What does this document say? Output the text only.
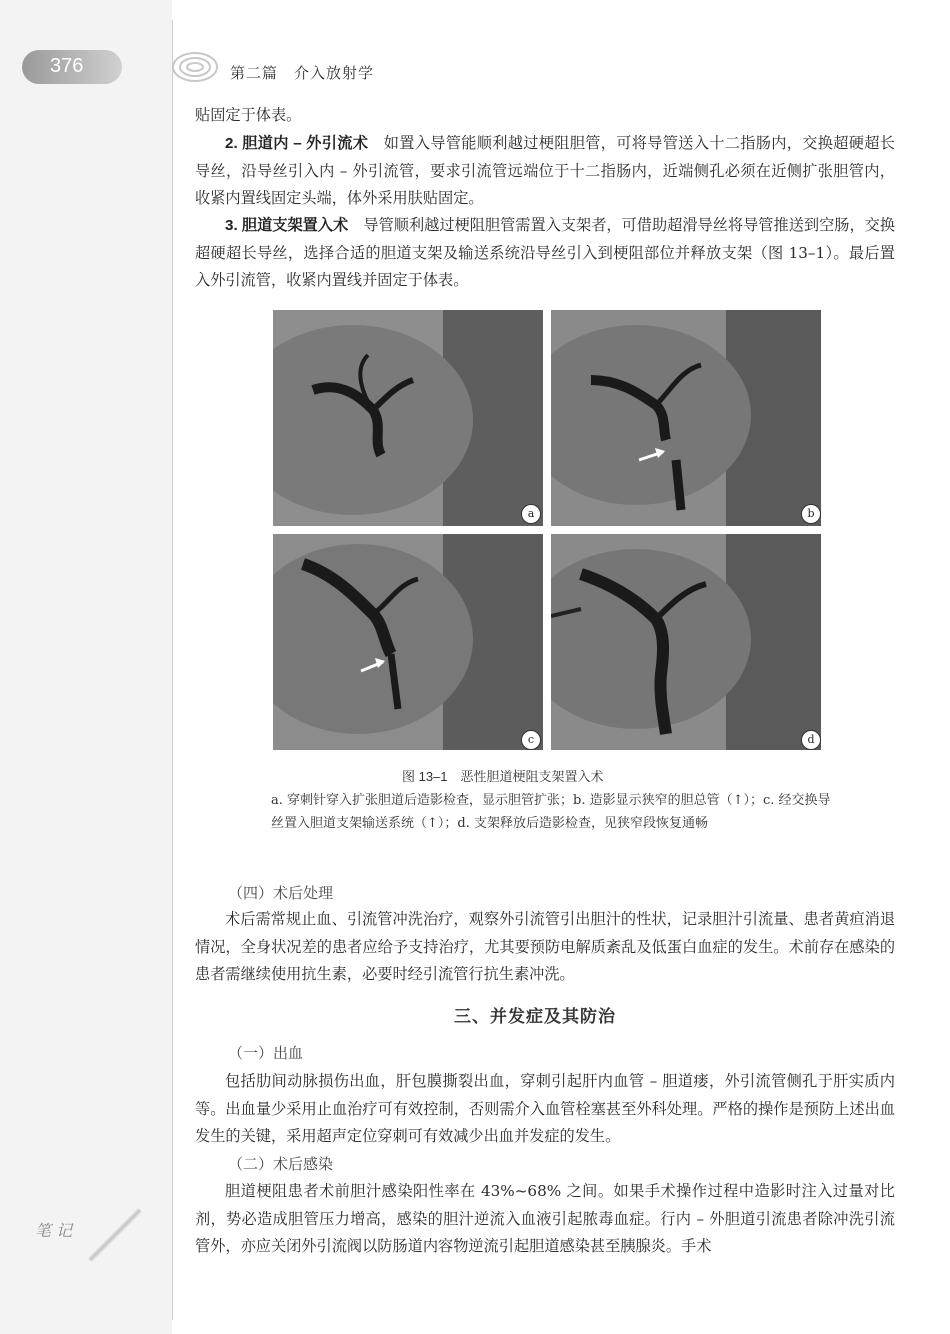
376	第二篇　介入放射学
贴固定于体表。
2. 胆道内 – 外引流术　如置入导管能顺利越过梗阻胆管，可将导管送入十二指肠内，交换超硬超长导丝，沿导丝引入内 – 外引流管，要求引流管远端位于十二指肠内，近端侧孔必须在近侧扩张胆管内，收紧内置线固定头端，体外采用肤贴固定。
3. 胆道支架置入术　导管顺利越过梗阻胆管需置入支架者，可借助超滑导丝将导管推送到空肠，交换超硬超长导丝，选择合适的胆道支架及输送系统沿导丝引入到梗阻部位并释放支架（图 13–1）。最后置入外引流管，收紧内置线并固定于体表。
a	b
c	d
图 13–1　恶性胆道梗阻支架置入术
a. 穿刺针穿入扩张胆道后造影检查，显示胆管扩张；b. 造影显示狭窄的胆总管（↑）；c. 经交换导丝置入胆道支架输送系统（↑）；d. 支架释放后造影检查，见狭窄段恢复通畅
（四）术后处理
术后需常规止血、引流管冲洗治疗，观察外引流管引出胆汁的性状，记录胆汁引流量、患者黄疸消退情况，全身状况差的患者应给予支持治疗，尤其要预防电解质紊乱及低蛋白血症的发生。术前存在感染的患者需继续使用抗生素，必要时经引流管行抗生素冲洗。
三、并发症及其防治
（一）出血
包括肋间动脉损伤出血，肝包膜撕裂出血，穿刺引起肝内血管 – 胆道瘘，外引流管侧孔于肝实质内等。出血量少采用止血治疗可有效控制，否则需介入血管栓塞甚至外科处理。严格的操作是预防上述出血发生的关键，采用超声定位穿刺可有效减少出血并发症的发生。
（二）术后感染
胆道梗阻患者术前胆汁感染阳性率在 43%~68% 之间。如果手术操作过程中造影时注入过量对比剂，势必造成胆管压力增高，感染的胆汁逆流入血液引起脓毒血症。行内 – 外胆道引流患者除冲洗引流管外，亦应关闭外引流阀以防肠道内容物逆流引起胆道感染甚至胰腺炎。手术
笔 记
